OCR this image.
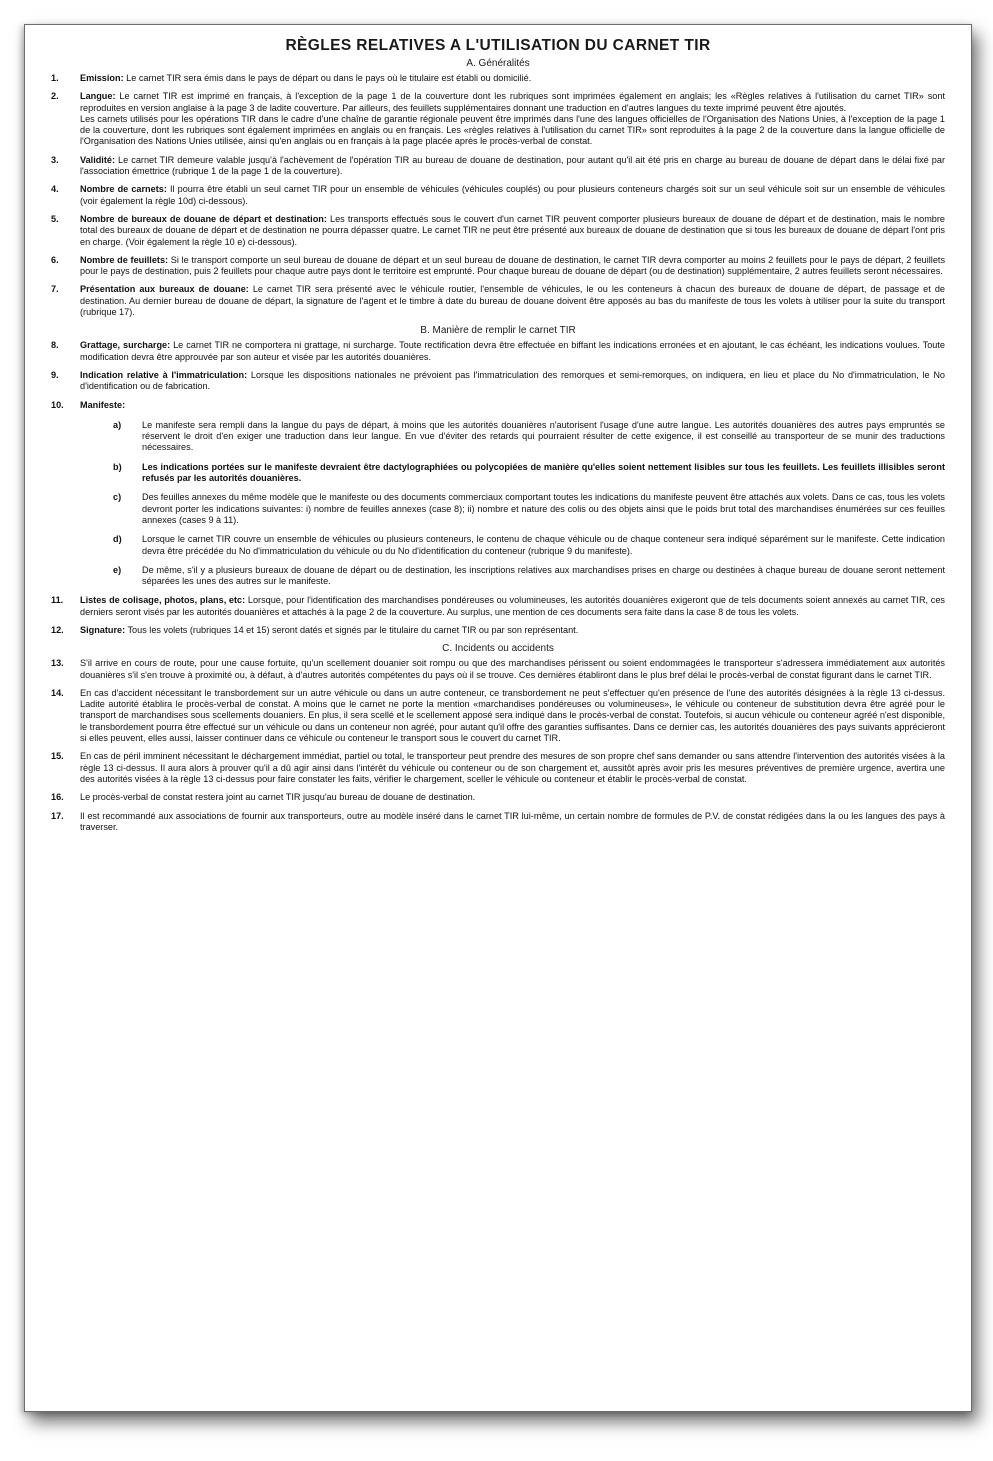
RÈGLES RELATIVES A L'UTILISATION DU CARNET TIR
A. Généralités
1.	Emission: Le carnet TIR sera émis dans le pays de départ ou dans le pays où le titulaire est établi ou domicilié.
2.	Langue: Le carnet TIR est imprimé en français, à l'exception de la page 1 de la couverture dont les rubriques sont imprimées également en anglais; les «Règles relatives à l'utilisation du carnet TIR» sont reproduites en version anglaise à la page 3 de ladite couverture. Par ailleurs, des feuillets supplémentaires donnant une traduction en d'autres langues du texte imprimé peuvent être ajoutés.
Les carnets utilisés pour les opérations TIR dans le cadre d'une chaîne de garantie régionale peuvent être imprimés dans l'une des langues officielles de l'Organisation des Nations Unies, à l'exception de la page 1 de la couverture, dont les rubriques sont également imprimées en anglais ou en français. Les «règles relatives à l'utilisation du carnet TIR» sont reproduites à la page 2 de la couverture dans la langue officielle de l'Organisation des Nations Unies utilisée, ainsi qu'en anglais ou en français à la page placée après le procès-verbal de constat.
3.	Validité: Le carnet TIR demeure valable jusqu'à l'achèvement de l'opération TIR au bureau de douane de destination, pour autant qu'il ait été pris en charge au bureau de douane de départ dans le délai fixé par l'association émettrice (rubrique 1 de la page 1 de la couverture).
4.	Nombre de carnets: Il pourra être établi un seul carnet TIR pour un ensemble de véhicules (véhicules couplés) ou pour plusieurs conteneurs chargés soit sur un seul véhicule soit sur un ensemble de véhicules (voir également la règle 10d) ci-dessous).
5.	Nombre de bureaux de douane de départ et destination: Les transports effectués sous le couvert d'un carnet TIR peuvent comporter plusieurs bureaux de douane de départ et de destination, mais le nombre total des bureaux de douane de départ et de destination ne pourra dépasser quatre. Le carnet TIR ne peut être présenté aux bureaux de douane de destination que si tous les bureaux de douane de départ l'ont pris en charge. (Voir également la règle 10 e) ci-dessous).
6.	Nombre de feuillets: Si le transport comporte un seul bureau de douane de départ et un seul bureau de douane de destination, le carnet TIR devra comporter au moins 2 feuillets pour le pays de départ, 2 feuillets pour le pays de destination, puis 2 feuillets pour chaque autre pays dont le territoire est emprunté. Pour chaque bureau de douane de départ (ou de destination) supplémentaire, 2 autres feuillets seront nécessaires.
7.	Présentation aux bureaux de douane: Le carnet TIR sera présenté avec le véhicule routier, l'ensemble de véhicules, le ou les conteneurs à chacun des bureaux de douane de départ, de passage et de destination. Au dernier bureau de douane de départ, la signature de l'agent et le timbre à date du bureau de douane doivent être apposés au bas du manifeste de tous les volets à utiliser pour la suite du transport (rubrique 17).
B. Manière de remplir le carnet TIR
8.	Grattage, surcharge: Le carnet TIR ne comportera ni grattage, ni surcharge. Toute rectification devra être effectuée en biffant les indications erronées et en ajoutant, le cas échéant, les indications voulues. Toute modification devra être approuvée par son auteur et visée par les autorités douanières.
9.	Indication relative à l'immatriculation: Lorsque les dispositions nationales ne prévoient pas l'immatriculation des remorques et semi-remorques, on indiquera, en lieu et place du No d'immatriculation, le No d'identification ou de fabrication.
10.	Manifeste:
a) Le manifeste sera rempli dans la langue du pays de départ, à moins que les autorités douanières n'autorisent l'usage d'une autre langue. Les autorités douanières des autres pays empruntés se réservent le droit d'en exiger une traduction dans leur langue. En vue d'éviter des retards qui pourraient résulter de cette exigence, il est conseillé au transporteur de se munir des traductions nécessaires.
b) Les indications portées sur le manifeste devraient être dactylographiées ou polycopiées de manière qu'elles soient nettement lisibles sur tous les feuillets. Les feuillets illisibles seront refusés par les autorités douanières.
c) Des feuilles annexes du même modèle que le manifeste ou des documents commerciaux comportant toutes les indications du manifeste peuvent être attachés aux volets. Dans ce cas, tous les volets devront porter les indications suivantes: i) nombre de feuilles annexes (case 8); ii) nombre et nature des colis ou des objets ainsi que le poids brut total des marchandises énumérées sur ces feuilles annexes (cases 9 à 11).
d) Lorsque le carnet TIR couvre un ensemble de véhicules ou plusieurs conteneurs, le contenu de chaque véhicule ou de chaque conteneur sera indiqué séparément sur le manifeste. Cette indication devra être précédée du No d'immatriculation du véhicule ou du No d'identification du conteneur (rubrique 9 du manifeste).
e) De même, s'il y a plusieurs bureaux de douane de départ ou de destination, les inscriptions relatives aux marchandises prises en charge ou destinées à chaque bureau de douane seront nettement séparées les unes des autres sur le manifeste.
11.	Listes de colisage, photos, plans, etc: Lorsque, pour l'identification des marchandises pondéreuses ou volumineuses, les autorités douanières exigeront que de tels documents soient annexés au carnet TIR, ces derniers seront visés par les autorités douanières et attachés à la page 2 de la couverture. Au surplus, une mention de ces documents sera faite dans la case 8 de tous les volets.
12.	Signature: Tous les volets (rubriques 14 et 15) seront datés et signés par le titulaire du carnet TIR ou par son représentant.
C. Incidents ou accidents
13.	S'il arrive en cours de route, pour une cause fortuite, qu'un scellement douanier soit rompu ou que des marchandises périssent ou soient endommagées le transporteur s'adressera immédiatement aux autorités douanières s'il s'en trouve à proximité ou, à défaut, à d'autres autorités compétentes du pays où il se trouve. Ces dernières établiront dans le plus bref délai le procès-verbal de constat figurant dans le carnet TIR.
14.	En cas d'accident nécessitant le transbordement sur un autre véhicule ou dans un autre conteneur, ce transbordement ne peut s'effectuer qu'en présence de l'une des autorités désignées à la règle 13 ci-dessus. Ladite autorité établira le procès-verbal de constat. A moins que le carnet ne porte la mention «marchandises pondéreuses ou volumineuses», le véhicule ou conteneur de substitution devra être agréé pour le transport de marchandises sous scellements douaniers. En plus, il sera scellé et le scellement apposé sera indiqué dans le procès-verbal de constat. Toutefois, si aucun véhicule ou conteneur agréé n'est disponible, le transbordement pourra être effectué sur un véhicule ou dans un conteneur non agréé, pour autant qu'il offre des garanties suffisantes. Dans ce dernier cas, les autorités douanières des pays suivants apprécieront si elles peuvent, elles aussi, laisser continuer dans ce véhicule ou conteneur le transport sous le couvert du carnet TIR.
15.	En cas de péril imminent nécessitant le déchargement immédiat, partiel ou total, le transporteur peut prendre des mesures de son propre chef sans demander ou sans attendre l'intervention des autorités visées à la règle 13 ci-dessus. Il aura alors à prouver qu'il a dû agir ainsi dans l'intérêt du véhicule ou conteneur ou de son chargement et, aussitôt après avoir pris les mesures préventives de première urgence, avertira une des autorités visées à la règle 13 ci-dessus pour faire constater les faits, vérifier le chargement, sceller le véhicule ou conteneur et établir le procès-verbal de constat.
16.	Le procès-verbal de constat restera joint au carnet TIR jusqu'au bureau de douane de destination.
17.	Il est recommandé aux associations de fournir aux transporteurs, outre au modèle inséré dans le carnet TIR lui-même, un certain nombre de formules de P.V. de constat rédigées dans la ou les langues des pays à traverser.
